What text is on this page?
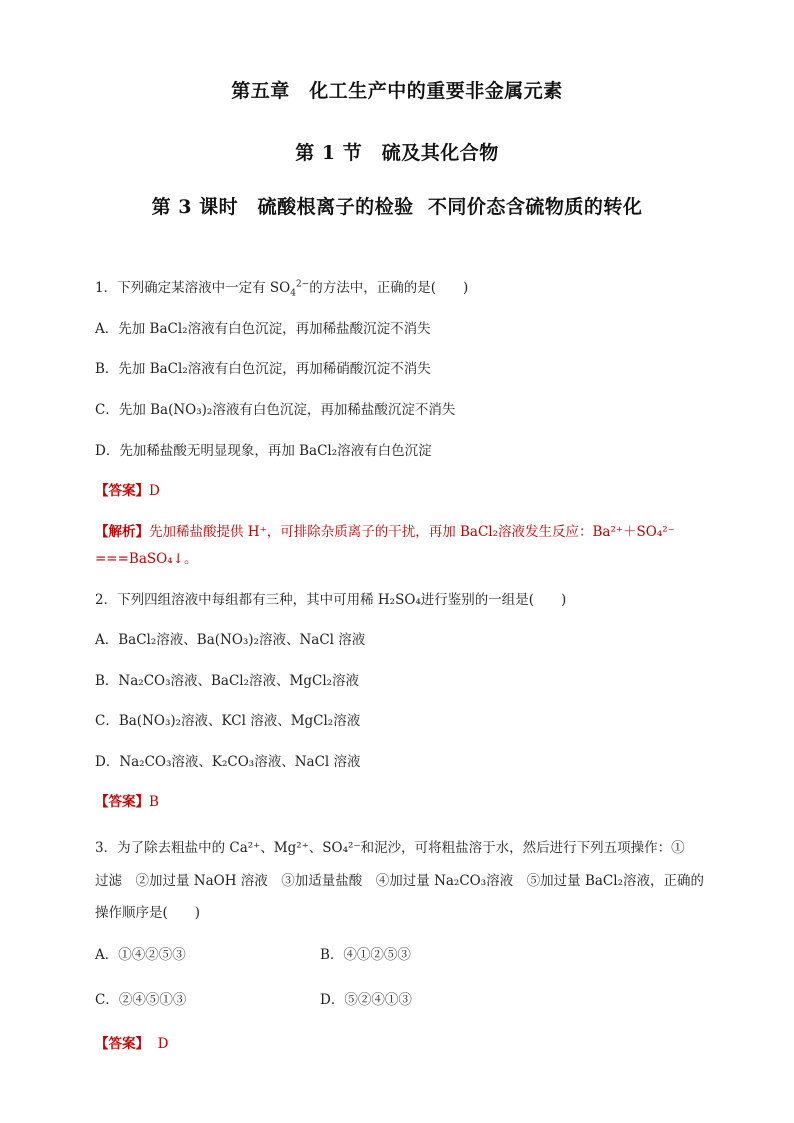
第五章　化工生产中的重要非金属元素
第 1 节　硫及其化合物
第 3 课时　硫酸根离子的检验  不同价态含硫物质的转化
1．下列确定某溶液中一定有 $SO_4^{2-}$的方法中，正确的是(　　)
A．先加 BaCl₂溶液有白色沉淀，再加稀盐酸沉淀不消失
B．先加 BaCl₂溶液有白色沉淀，再加稀硝酸沉淀不消失
C．先加 Ba(NO₃)₂溶液有白色沉淀，再加稀盐酸沉淀不消失
D．先加稀盐酸无明显现象，再加 BaCl₂溶液有白色沉淀
【答案】D
【解析】先加稀盐酸提供 H⁺，可排除杂质离子的干扰，再加 BaCl₂溶液发生反应：Ba²⁺＋SO₄²⁻
===BaSO₄↓。
2．下列四组溶液中每组都有三种，其中可用稀 H₂SO₄进行鉴别的一组是(　　)
A．BaCl₂溶液、Ba(NO₃)₂溶液、NaCl 溶液
B．Na₂CO₃溶液、BaCl₂溶液、MgCl₂溶液
C．Ba(NO₃)₂溶液、KCl 溶液、MgCl₂溶液
D．Na₂CO₃溶液、K₂CO₃溶液、NaCl 溶液
【答案】B
3．为了除去粗盐中的 Ca²⁺、Mg²⁺、SO₄²⁻和泥沙，可将粗盐溶于水，然后进行下列五项操作：①
过滤　②加过量 NaOH 溶液　③加适量盐酸　④加过量 Na₂CO₃溶液　⑤加过量 BaCl₂溶液，正确的
操作顺序是(　　)
A．①④②⑤③	B．④①②⑤③
C．②④⑤①③	D．⑤②④①③
【答案】 D
